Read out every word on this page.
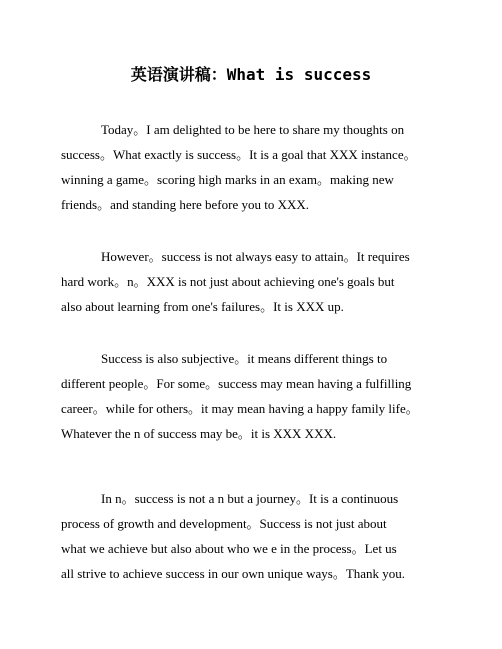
英语演讲稿：What is success

Today。I am delighted to be here to share my thoughts on
success。What exactly is success。It is a goal that XXX instance。
winning a game。scoring high marks in an exam。making new
friends。and standing here before you to XXX.

However。success is not always easy to attain。It requires
hard work。n。XXX is not just about achieving one's goals but
also about learning from one's failures。It is XXX up.

Success is also subjective。it means different things to
different people。For some。success may mean having a fulfilling
career。while for others。it may mean having a happy family life。
Whatever the n of success may be。it is XXX XXX.

In n。success is not a n but a journey。It is a continuous
process of growth and development。Success is not just about
what we achieve but also about who we e in the process。Let us
all strive to achieve success in our own unique ways。Thank you.
